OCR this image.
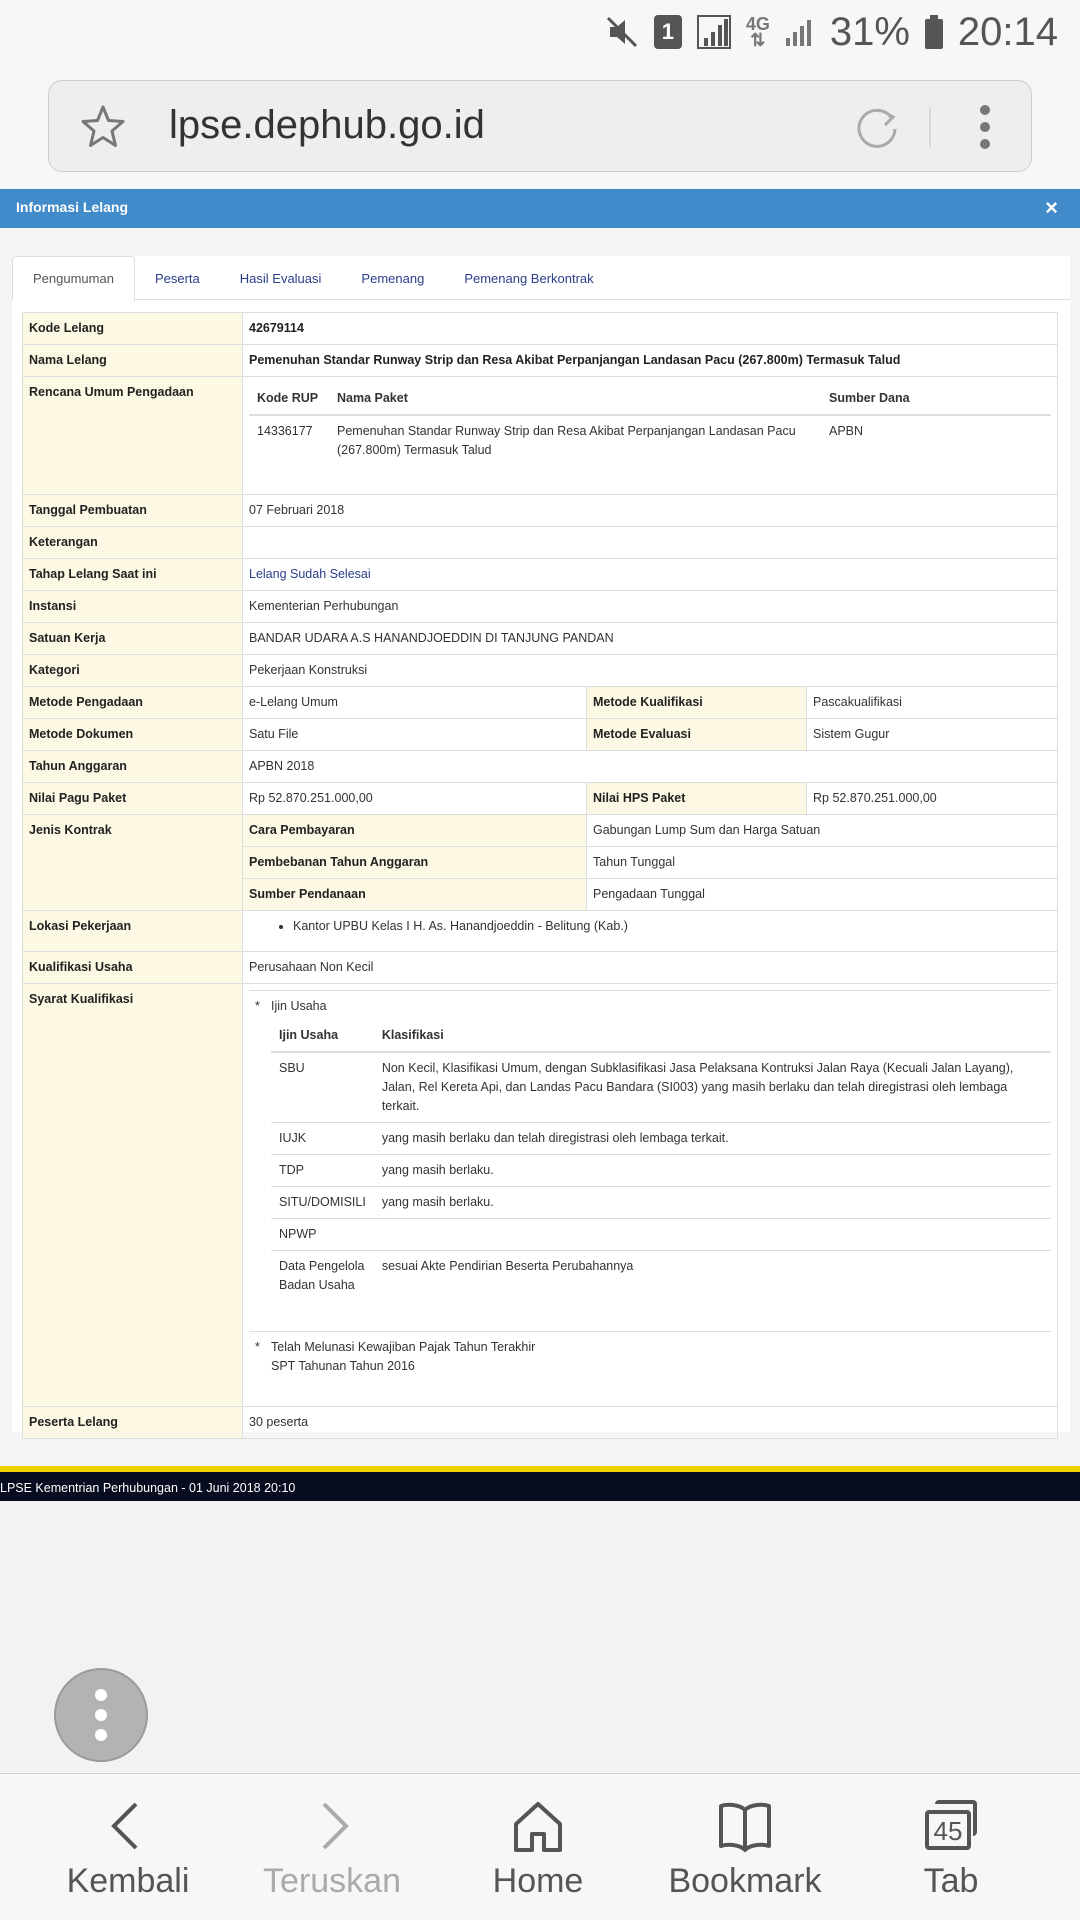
1	4G
⇅ 31% 20:14
lpse.dephub.go.id
Informasi Lelang	×
Pengumuman	Peserta	Hasil Evaluasi	Pemenang	Pemenang Berkontrak
Kode Lelang	42679114
Nama Lelang	Pemenuhan Standar Runway Strip dan Resa Akibat Perpanjangan Landasan Pacu (267.800m) Termasuk Talud
Rencana Umum Pengadaan		Kode RUP	Nama Paket	Sumber Dana
14336177	Pemenuhan Standar Runway Strip dan Resa Akibat Perpanjangan Landasan Pacu (267.800m) Termasuk Talud	APBN

Tanggal Pembuatan	07 Februari 2018
Keterangan	
Tahap Lelang Saat ini	Lelang Sudah Selesai
Instansi	Kementerian Perhubungan
Satuan Kerja	BANDAR UDARA A.S HANANDJOEDDIN DI TANJUNG PANDAN
Kategori	Pekerjaan Konstruksi
Metode Pengadaan	e-Lelang Umum	Metode Kualifikasi	Pascakualifikasi
Metode Dokumen	Satu File	Metode Evaluasi	Sistem Gugur
Tahun Anggaran	APBN 2018
Nilai Pagu Paket	Rp 52.870.251.000,00	Nilai HPS Paket	Rp 52.870.251.000,00
Jenis Kontrak	Cara Pembayaran	Gabungan Lump Sum dan Harga Satuan
Pembebanan Tahun Anggaran	Tahun Tunggal
Sumber Pendanaan	Pengadaan Tunggal
Lokasi Pekerjaan	
•Kantor UPBU Kelas I H. As. Hanandjoeddin - Belitung (Kab.)

Kualifikasi Usaha	Perusahaan Non Kecil
Syarat Kualifikasi	* Ijin Usaha
Ijin Usaha	Klasifikasi
SBU	Non Kecil, Klasifikasi Umum, dengan Subklasifikasi Jasa Pelaksana Kontruksi Jalan Raya (Kecuali Jalan Layang), Jalan, Rel Kereta Api, dan Landas Pacu Bandara (SI003) yang masih berlaku dan telah diregistrasi oleh lembaga terkait.
IUJK	yang masih berlaku dan telah diregistrasi oleh lembaga terkait.
TDP	yang masih berlaku.
SITU/DOMISILI	yang masih berlaku.
NPWP	
Data Pengelola Badan Usaha	sesuai Akte Pendirian Beserta Perubahannya
* Telah Melunasi Kewajiban Pajak Tahun Terakhir
SPT Tahunan Tahun 2016

Peserta Lelang	30 peserta
LPSE Kementrian Perhubungan - 01 Juni 2018 20:10
Kembali Teruskan	Home	Bookmark
45
Tab
